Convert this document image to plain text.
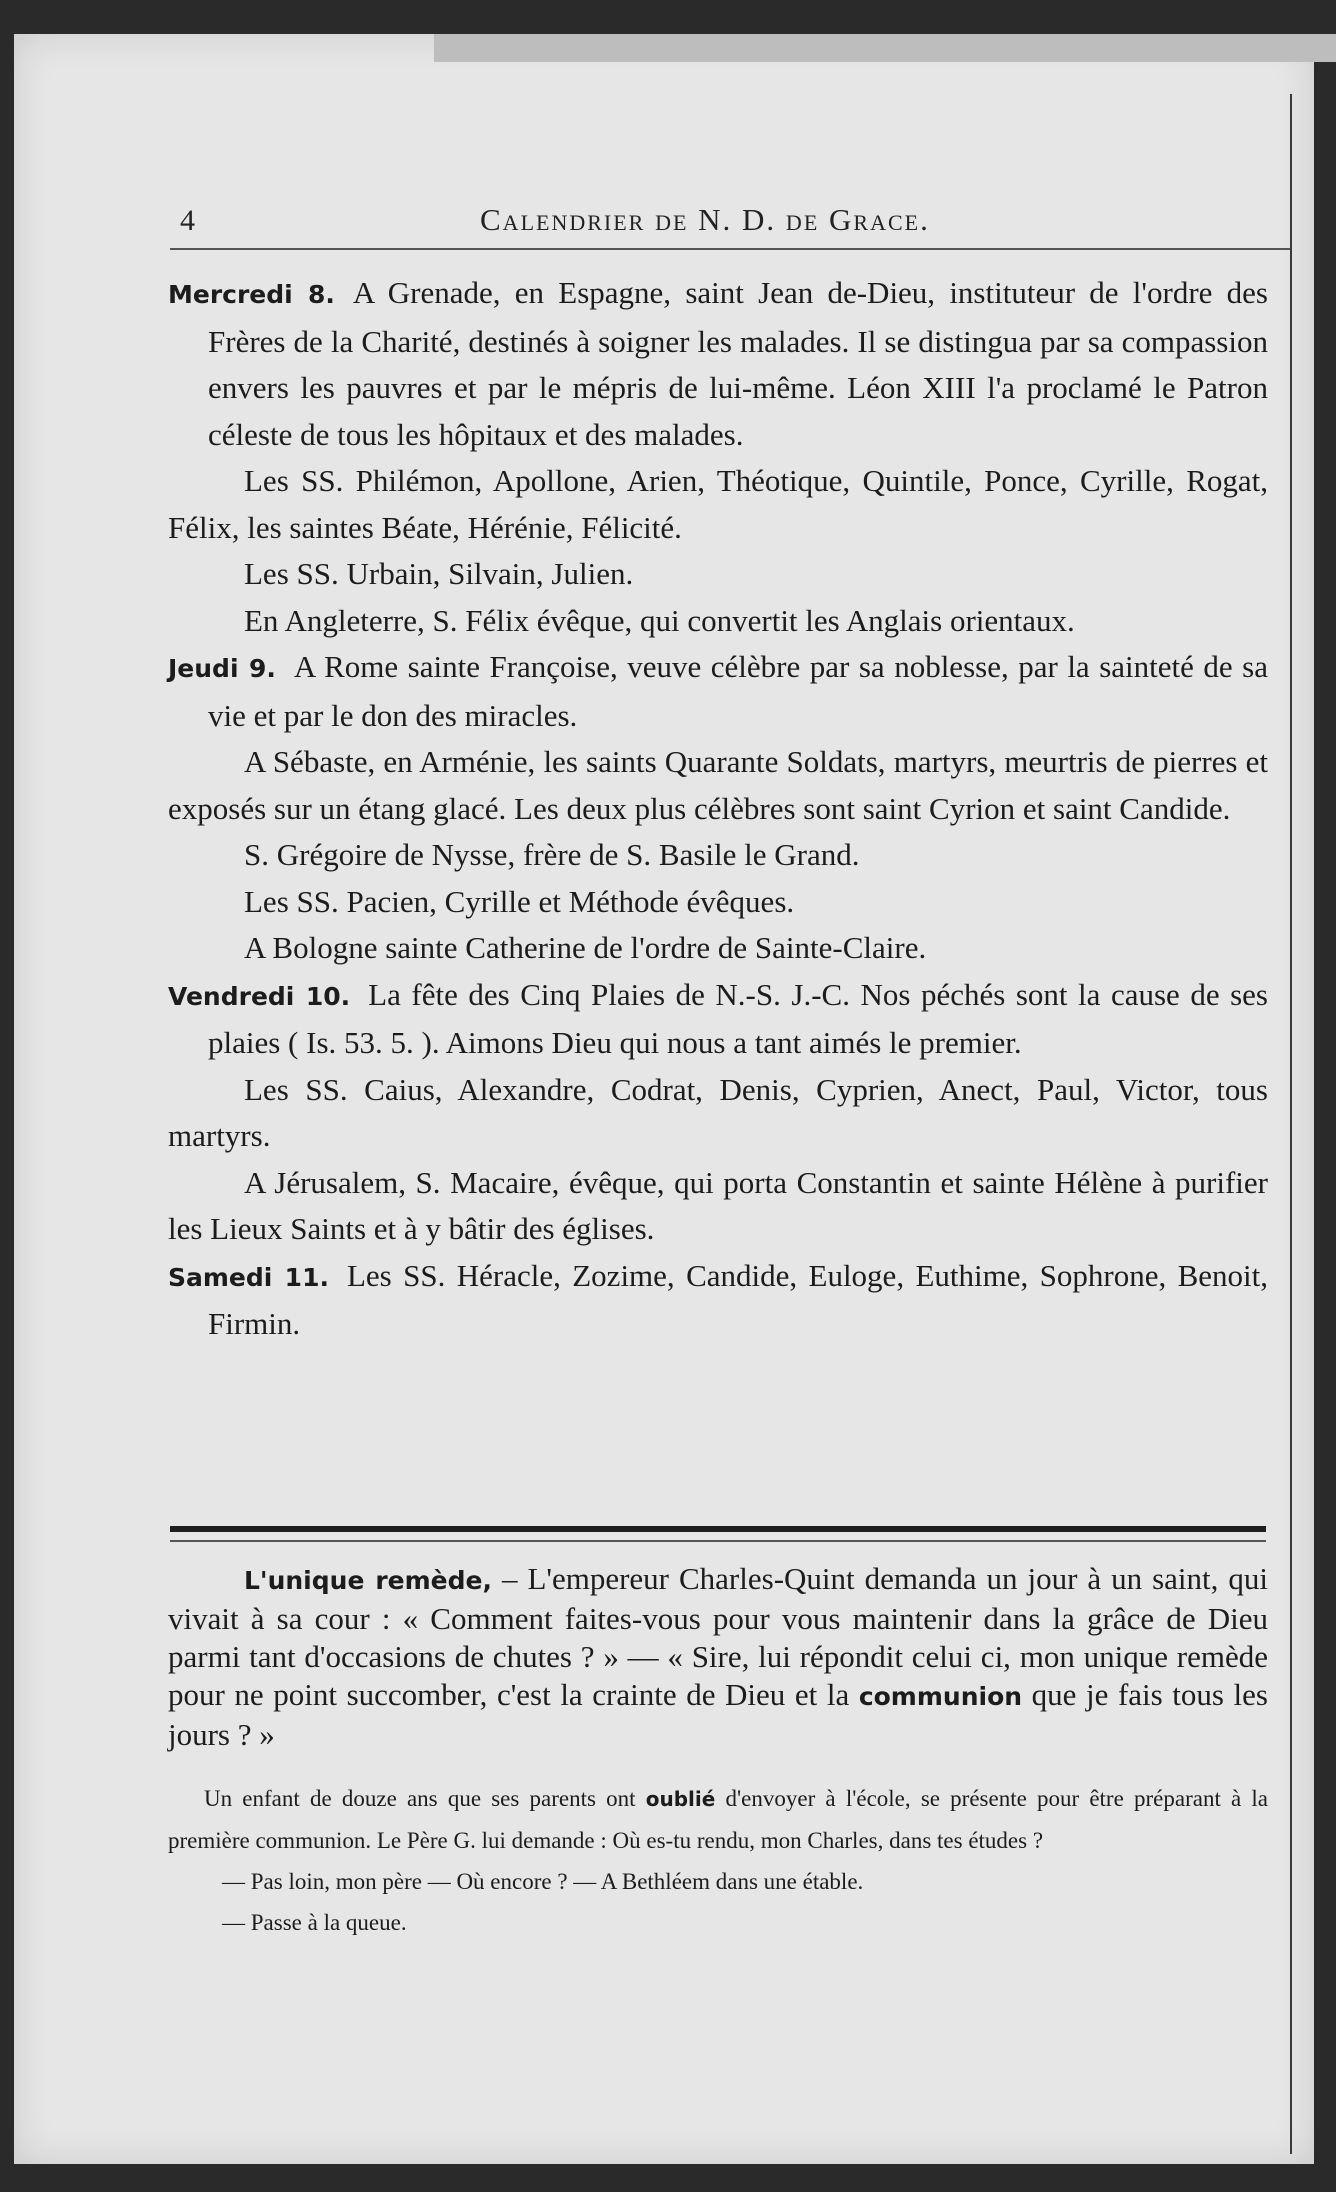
4	Calendrier de N. D. de Grace.

Mercredi 8. A Grenade, en Espagne, saint Jean de-Dieu, instituteur de l'ordre des Frères de la Charité, destinés à soigner les malades. Il se distingua par sa compassion envers les pauvres et par le mépris de lui-même. Léon XIII l'a proclamé le Patron céleste de tous les hôpitaux et des malades.

Les SS. Philémon, Apollone, Arien, Théotique, Quintile, Ponce, Cyrille, Rogat, Félix, les saintes Béate, Hérénie, Félicité.

Les SS. Urbain, Silvain, Julien.

En Angleterre, S. Félix évêque, qui convertit les Anglais orientaux.

Jeudi 9. A Rome sainte Françoise, veuve célèbre par sa noblesse, par la sainteté de sa vie et par le don des miracles.

A Sébaste, en Arménie, les saints Quarante Soldats, martyrs, meurtris de pierres et exposés sur un étang glacé. Les deux plus célèbres sont saint Cyrion et saint Candide.

S. Grégoire de Nysse, frère de S. Basile le Grand.

Les SS. Pacien, Cyrille et Méthode évêques.

A Bologne sainte Catherine de l'ordre de Sainte-Claire.

Vendredi 10. La fête des Cinq Plaies de N.-S. J.-C. Nos péchés sont la cause de ses plaies ( Is. 53. 5. ). Aimons Dieu qui nous a tant aimés le premier.

Les SS. Caius, Alexandre, Codrat, Denis, Cyprien, Anect, Paul, Victor, tous martyrs.

A Jérusalem, S. Macaire, évêque, qui porta Constantin et sainte Hélène à purifier les Lieux Saints et à y bâtir des églises.

Samedi 11. Les SS. Héracle, Zozime, Candide, Euloge, Euthime, Sophrone, Benoit, Firmin.

L'unique remède, – L'empereur Charles-Quint demanda un jour à un saint, qui vivait à sa cour : « Comment faites-vous pour vous maintenir dans la grâce de Dieu parmi tant d'occasions de chutes ? » — « Sire, lui répondit celui ci, mon unique remède pour ne point succomber, c'est la crainte de Dieu et la communion que je fais tous les jours ? »

Un enfant de douze ans que ses parents ont oublié d'envoyer à l'école, se présente pour être préparant à la première communion. Le Père G. lui demande : Où es-tu rendu, mon Charles, dans tes études ?

— Pas loin, mon père — Où encore ? — A Bethléem dans une étable.

— Passe à la queue.
